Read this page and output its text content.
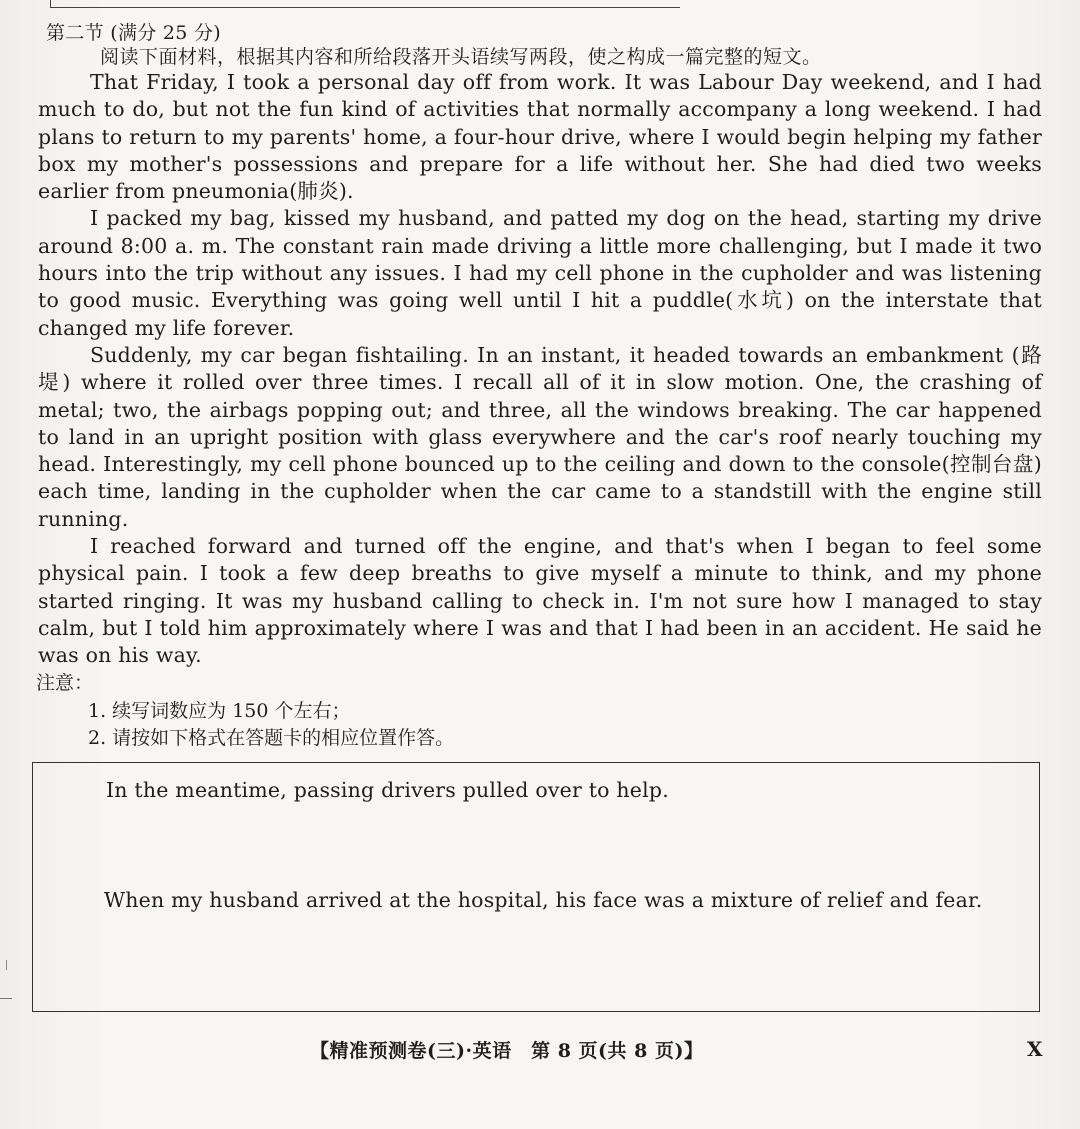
第二节 (满分 25 分)
阅读下面材料，根据其内容和所给段落开头语续写两段，使之构成一篇完整的短文。

That Friday, I took a personal day off from work. It was Labour Day weekend, and I had much to do, but not the fun kind of activities that normally accompany a long weekend. I had plans to return to my parents' home, a four-hour drive, where I would begin helping my father box my mother's possessions and prepare for a life without her. She had died two weeks earlier from pneumonia(肺炎).

I packed my bag, kissed my husband, and patted my dog on the head, starting my drive around 8:00 a. m. The constant rain made driving a little more challenging, but I made it two hours into the trip without any issues. I had my cell phone in the cupholder and was listening to good music. Everything was going well until I hit a puddle(水坑) on the interstate that changed my life forever.

Suddenly, my car began fishtailing. In an instant, it headed towards an embankment (路堤) where it rolled over three times. I recall all of it in slow motion. One, the crashing of metal; two, the airbags popping out; and three, all the windows breaking. The car happened to land in an upright position with glass everywhere and the car's roof nearly touching my head. Interestingly, my cell phone bounced up to the ceiling and down to the console(控制台盘) each time, landing in the cupholder when the car came to a standstill with the engine still running.

I reached forward and turned off the engine, and that's when I began to feel some physical pain. I took a few deep breaths to give myself a minute to think, and my phone started ringing. It was my husband calling to check in. I'm not sure how I managed to stay calm, but I told him approximately where I was and that I had been in an accident. He said he was on his way.

注意：
1. 续写词数应为 150 个左右；
2. 请按如下格式在答题卡的相应位置作答。
In the meantime, passing drivers pulled over to help.
When my husband arrived at the hospital, his face was a mixture of relief and fear.
【精准预测卷(三)·英语　第 8 页(共 8 页)】	X
